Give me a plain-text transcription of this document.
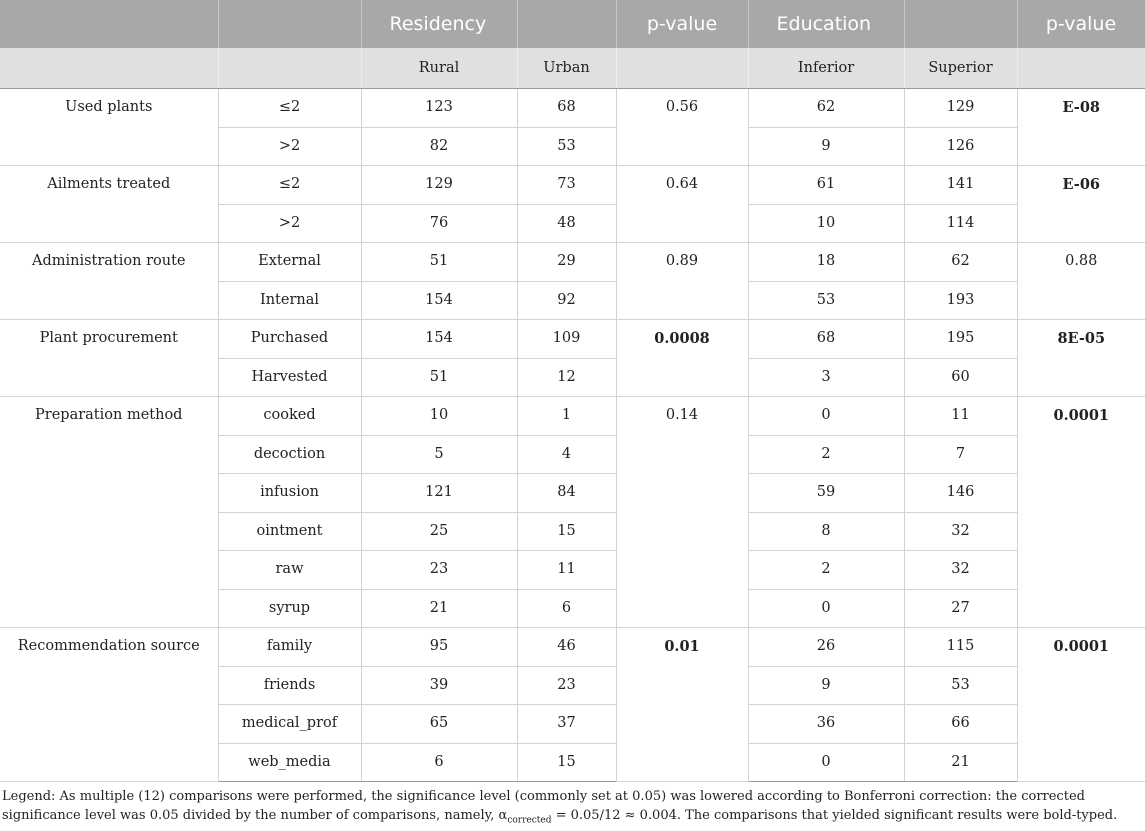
		Residency		p-value	Education		p-value
		Rural	Urban		Inferior	Superior	
Used plants	≤2	123	68	0.56	62	129	E-08
	>2	82	53		9	126	
Ailments treated	≤2	129	73	0.64	61	141	E-06
	>2	76	48		10	114	
Administration route	External	51	29	0.89	18	62	0.88
	Internal	154	92		53	193	
Plant procurement	Purchased	154	109	0.0008	68	195	8E-05
	Harvested	51	12		3	60	
Preparation method	cooked	10	1	0.14	0	11	0.0001
	decoction	5	4		2	7	
	infusion	121	84		59	146	
	ointment	25	15		8	32	
	raw	23	11		2	32	
	syrup	21	6		0	27	
Recommendation source	family	95	46	0.01	26	115	0.0001
	friends	39	23		9	53	
	medical_prof	65	37		36	66	
	web_media	6	15		0	21	
Legend: As multiple (12) comparisons were performed, the significance level (commonly set at 0.05) was lowered according to Bonferroni correction: the corrected significance level was 0.05 divided by the number of comparisons, namely, $\alpha_{corrected} = 0.05/12 \approx 0.004$. The comparisons that yielded significant results were bold-typed.
